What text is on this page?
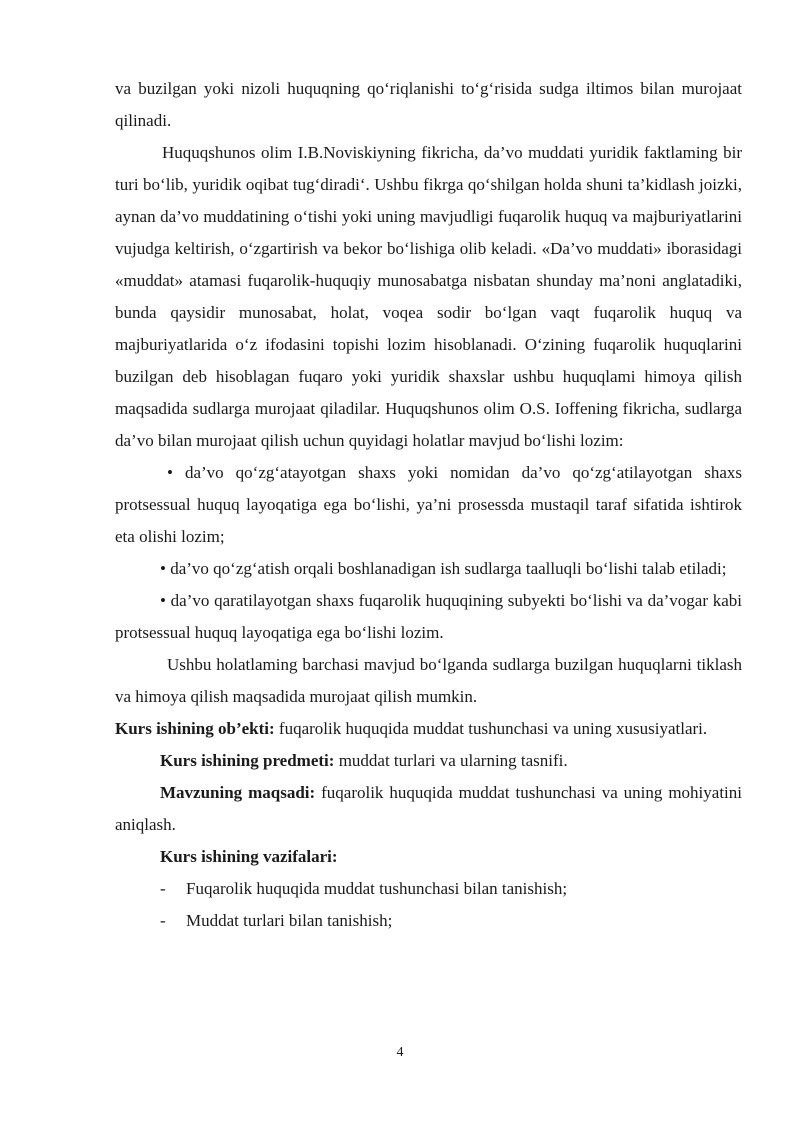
va buzilgan yoki nizoli huquqning qo‘riqlanishi to‘g‘risida sudga iltimos bilan murojaat qilinadi.

Huquqshunos olim I.B.Noviskiyning fikricha, da’vo muddati yuridik faktlaming bir turi bo‘lib, yuridik oqibat tug‘diradi‘. Ushbu fikrga qo‘shilgan holda shuni ta’kidlash joizki, aynan da’vo muddatining o‘tishi yoki uning mavjudligi fuqarolik huquq va majburiyatlarini vujudga keltirish, o‘zgartirish va bekor bo‘lishiga olib keladi. «Da’vo muddati» iborasidagi «muddat» atamasi fuqarolik-huquqiy munosabatga nisbatan shunday ma’noni anglatadiki, bunda qaysidir munosabat, holat, voqea sodir bo‘lgan vaqt fuqarolik huquq va majburiyatlarida o‘z ifodasini topishi lozim hisoblanadi. O‘zining fuqarolik huquqlarini buzilgan deb hisoblagan fuqaro yoki yuridik shaxslar ushbu huquqlami himoya qilish maqsadida sudlarga murojaat qiladilar. Huquqshunos olim O.S. Ioffening fikricha, sudlarga da’vo bilan murojaat qilish uchun quyidagi holatlar mavjud bo‘lishi lozim:

• da’vo qo‘zg‘atayotgan shaxs yoki nomidan da’vo qo‘zg‘atilayotgan shaxs protsessual huquq layoqatiga ega bo‘lishi, ya’ni prosessda mustaqil taraf sifatida ishtirok eta olishi lozim;

• da’vo qo‘zg‘atish orqali boshlanadigan ish sudlarga taalluqli bo‘lishi talab etiladi;

• da’vo qaratilayotgan shaxs fuqarolik huquqining subyekti bo‘lishi va da’vogar kabi protsessual huquq layoqatiga ega bo‘lishi lozim.

Ushbu holatlaming barchasi mavjud bo‘lganda sudlarga buzilgan huquqlarni tiklash va himoya qilish maqsadida murojaat qilish mumkin.

Kurs ishining ob’ekti: fuqarolik huquqida muddat tushunchasi va uning xususiyatlari.

Kurs ishining predmeti: muddat turlari va ularning tasnifi.

Mavzuning maqsadi: fuqarolik huquqida muddat tushunchasi va uning mohiyatini aniqlash.

Kurs ishining vazifalari:

- Fuqarolik huquqida muddat tushunchasi bilan tanishish;

- Muddat turlari bilan tanishish;

4
